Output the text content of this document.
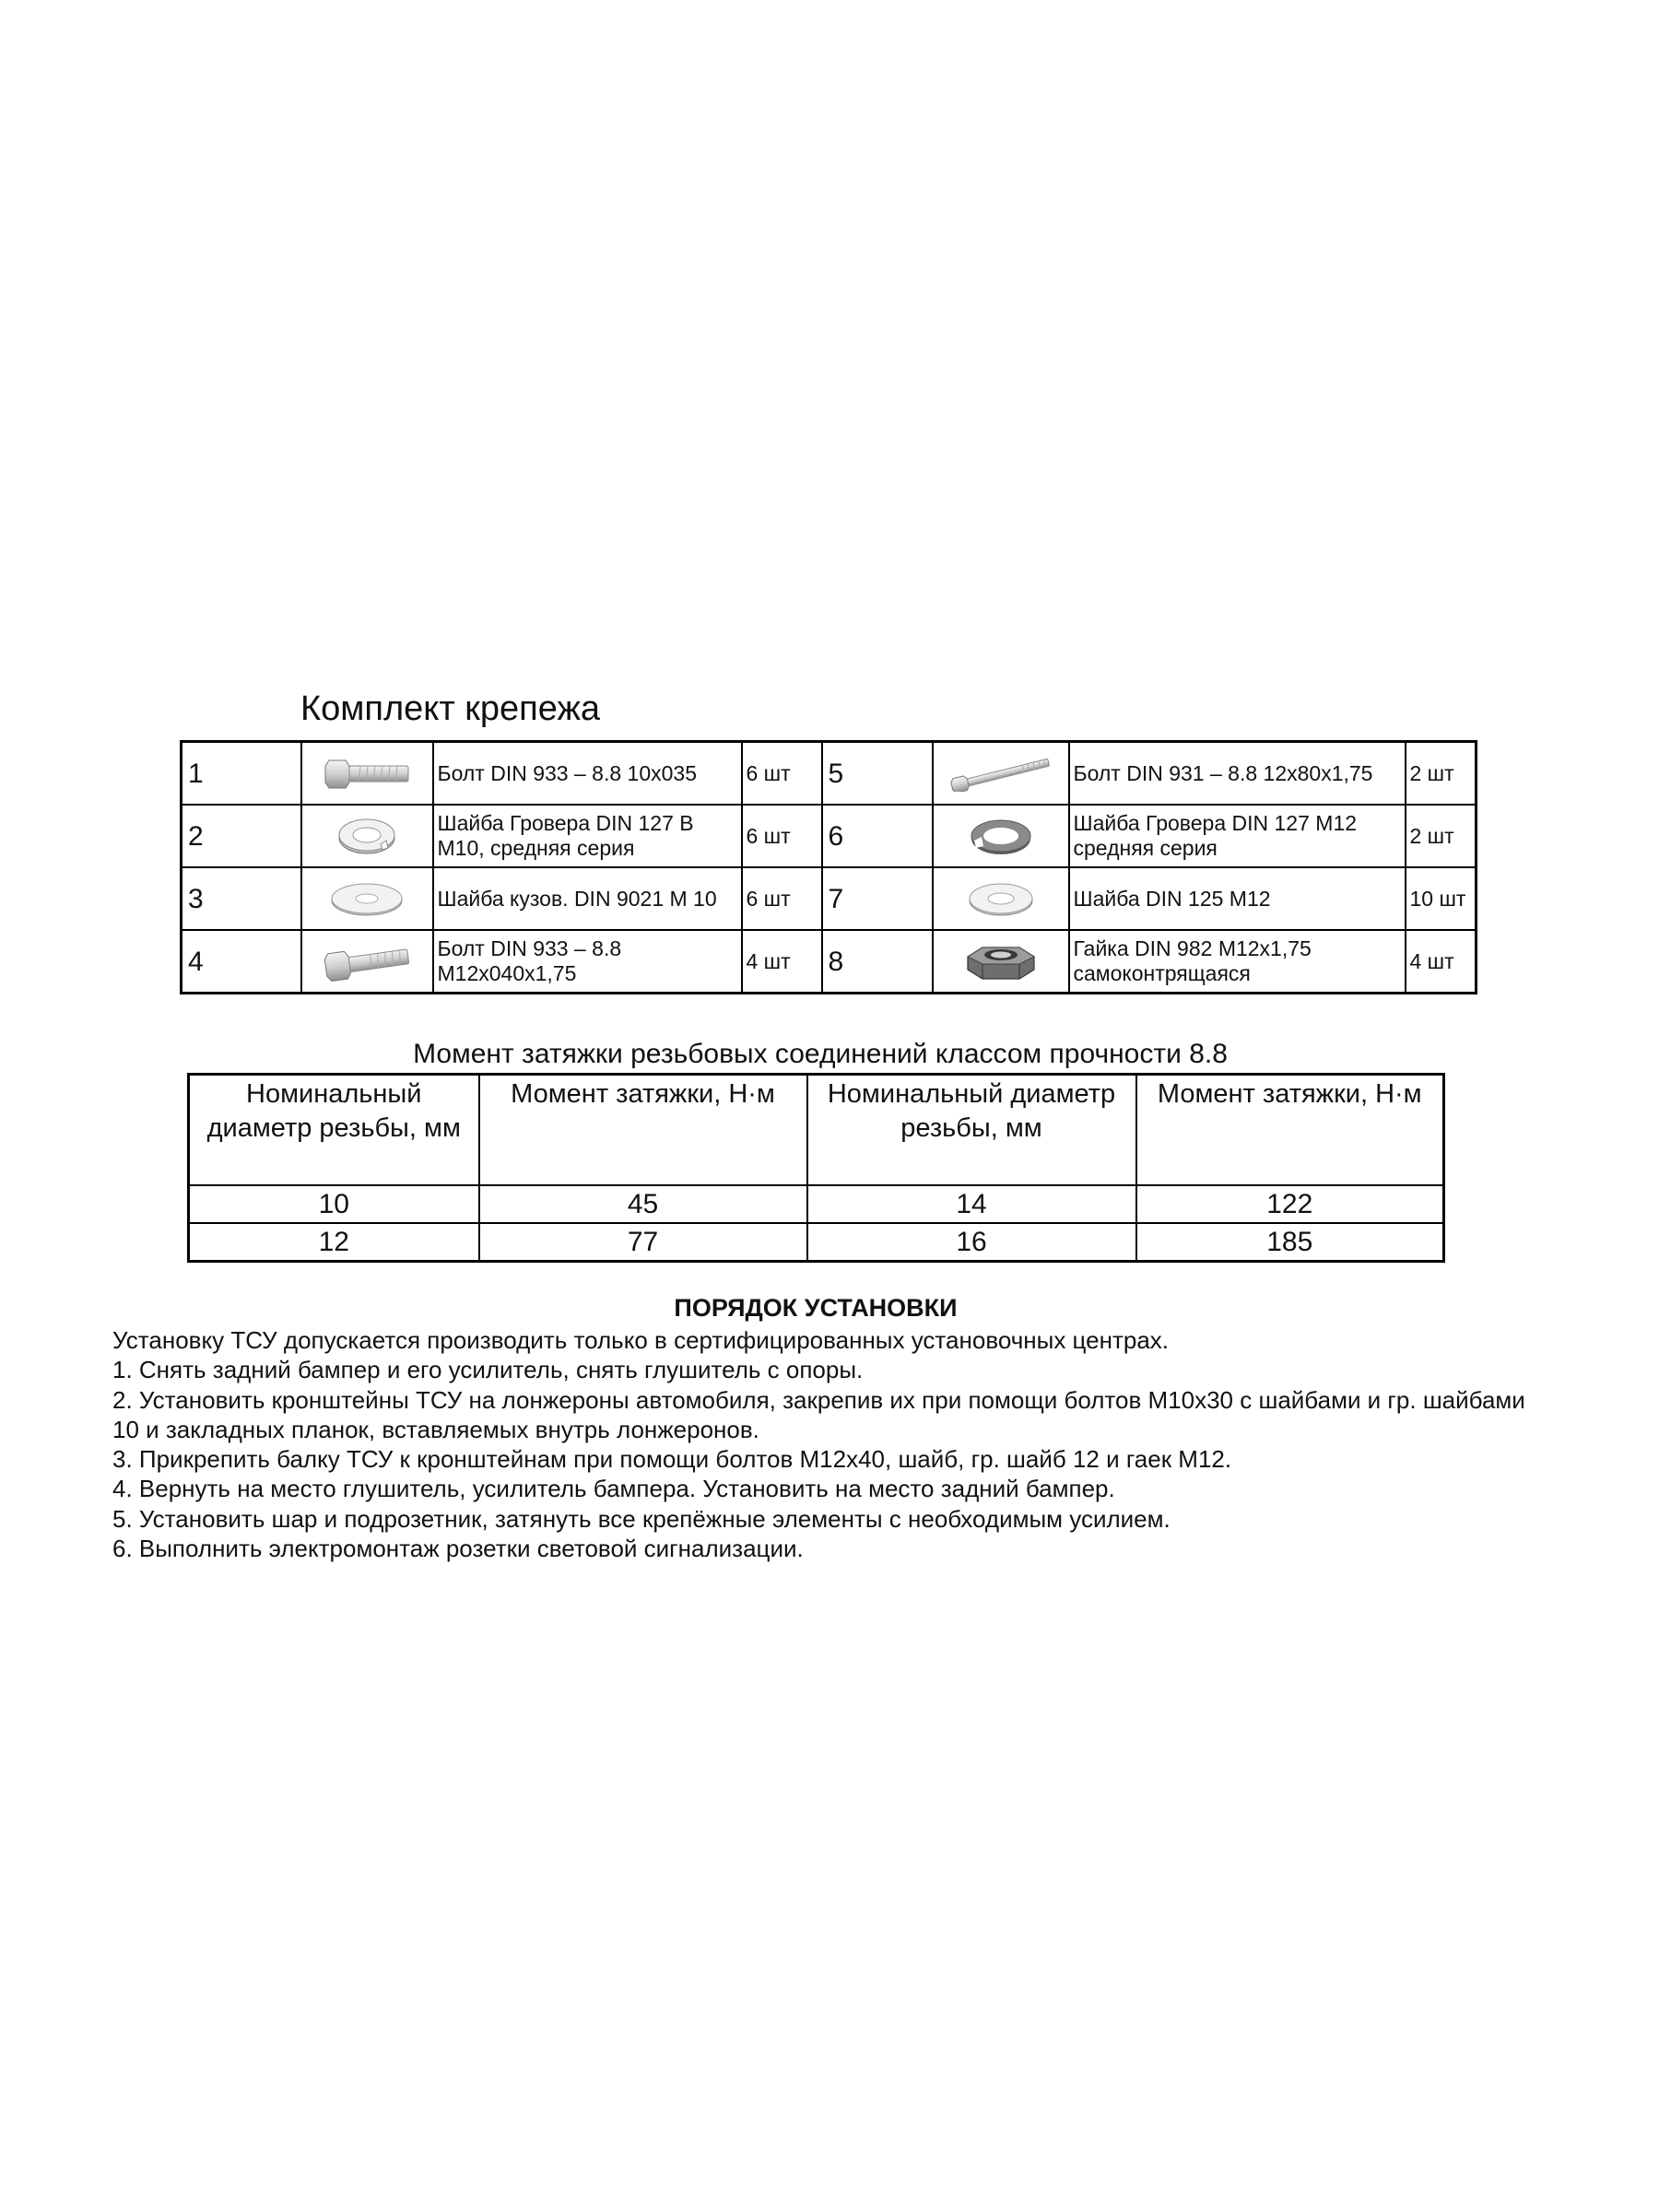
Комплект крепежа
1		Болт DIN 933 – 8.8 10х035	6 шт	5		Болт DIN 931 – 8.8 12х80х1,75	2 шт
2		Шайба Гровера DIN 127 B М10, средняя серия	6 шт	6		Шайба Гровера DIN 127 М12 средняя серия	2 шт
3		Шайба кузов. DIN 9021 М 10	6 шт	7		Шайба DIN 125 М12	10 шт
4		Болт DIN 933 – 8.8 М12х040х1,75	4 шт	8		Гайка DIN 982 М12х1,75 самоконтрящаяся	4 шт
Момент затяжки резьбовых соединений классом прочности 8.8
Номинальный диаметр резьбы, мм	Момент затяжки, Н·м	Номинальный диаметр резьбы, мм	Момент затяжки, Н·м
10	45	14	122
12	77	16	185
ПОРЯДОК УСТАНОВКИ

Установку ТСУ допускается производить только в сертифицированных установочных центрах.

1. Снять задний бампер и его усилитель, снять глушитель с опоры.

2. Установить кронштейны ТСУ на лонжероны автомобиля, закрепив их при помощи болтов М10х30 с шайбами и гр. шайбами 10 и закладных планок, вставляемых внутрь лонжеронов.

3. Прикрепить балку ТСУ к кронштейнам при помощи болтов М12х40, шайб, гр. шайб 12 и гаек М12.

4. Вернуть на место глушитель, усилитель бампера. Установить на место задний бампер.

5. Установить шар и подрозетник, затянуть все крепёжные элементы с необходимым усилием.

6. Выполнить электромонтаж розетки световой сигнализации.
